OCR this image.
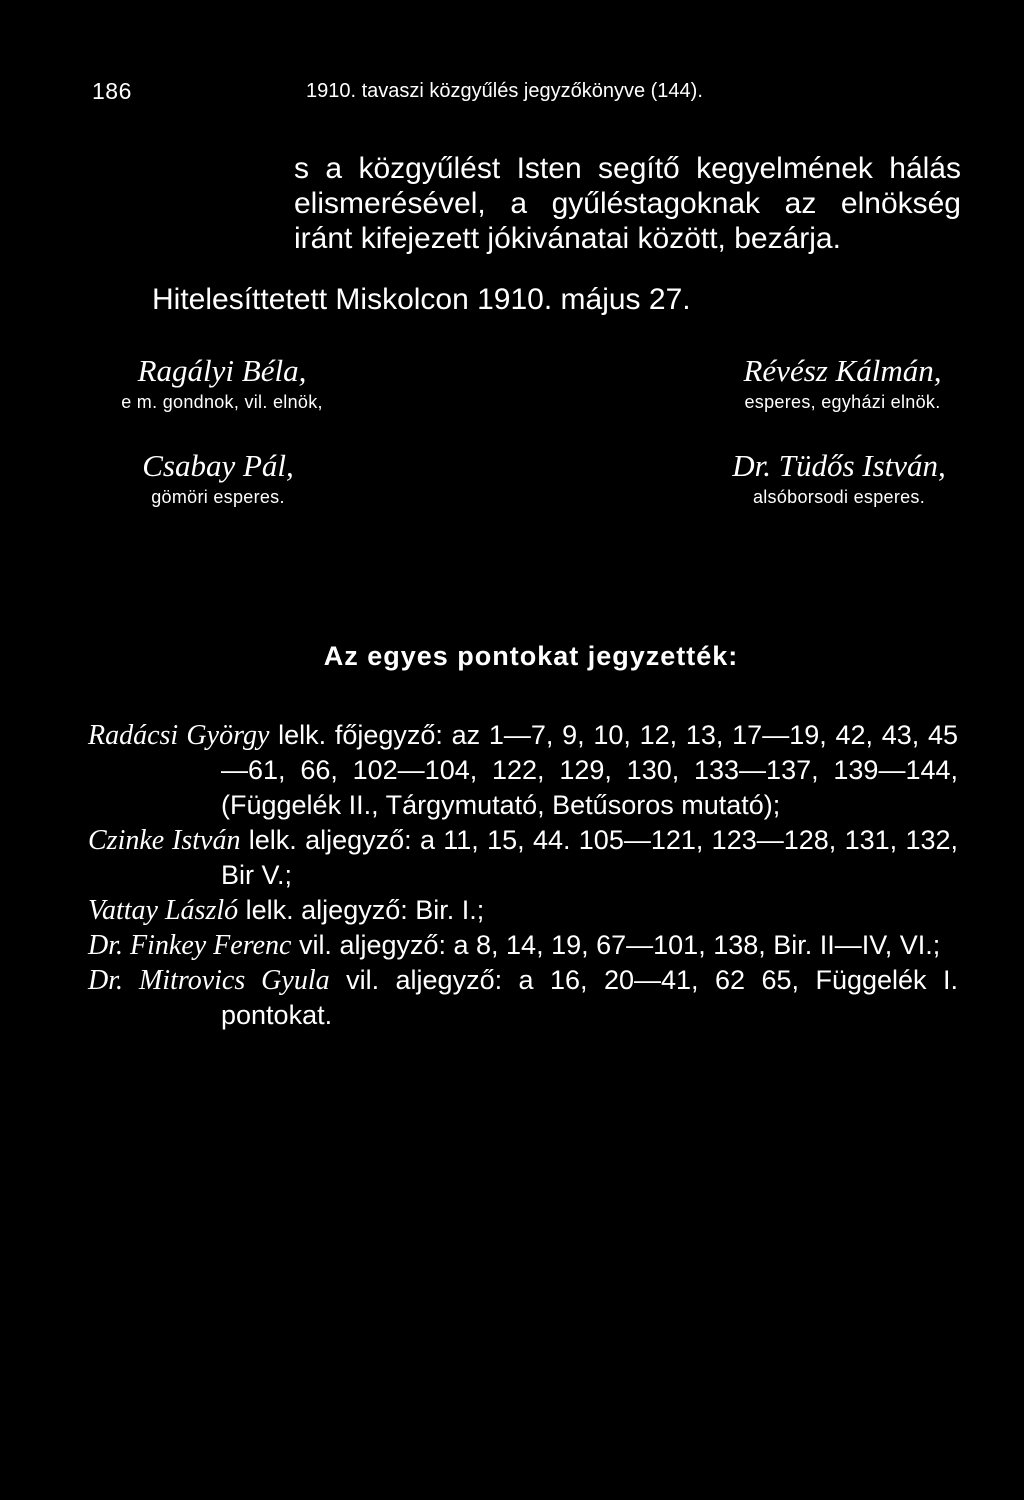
186	1910. tavaszi közgyűlés jegyzőkönyve (144).

s a közgyűlést Isten segítő kegyelmének hálás elismerésével, a gyűléstagoknak az elnökség iránt kifejezett jókivánatai között, bezárja.

Hitelesíttetett Miskolcon 1910. május 27.

Ragályi Béla,
e m. gondnok, vil. elnök,
Révész Kálmán,
esperes, egyházi elnök.
Csabay Pál,
gömöri esperes.
Dr. Tüdős István,
alsóborsodi esperes.
Az egyes pontokat jegyzették:
Radácsi György lelk. főjegyző: az 1—7, 9, 10, 12, 13, 17—19, 42, 43, 45—61, 66, 102—104, 122, 129, 130, 133—137, 139—144, (Függelék II., Tárgymutató, Betűsoros mutató);
Czinke István lelk. aljegyző: a 11, 15, 44. 105—121, 123—128, 131, 132, Bir V.;
Vattay László lelk. aljegyző: Bir. I.;
Dr. Finkey Ferenc vil. aljegyző: a 8, 14, 19, 67—101, 138, Bir. II—IV, VI.;
Dr. Mitrovics Gyula vil. aljegyző: a 16, 20—41, 62 65, Függelék I. pontokat.
